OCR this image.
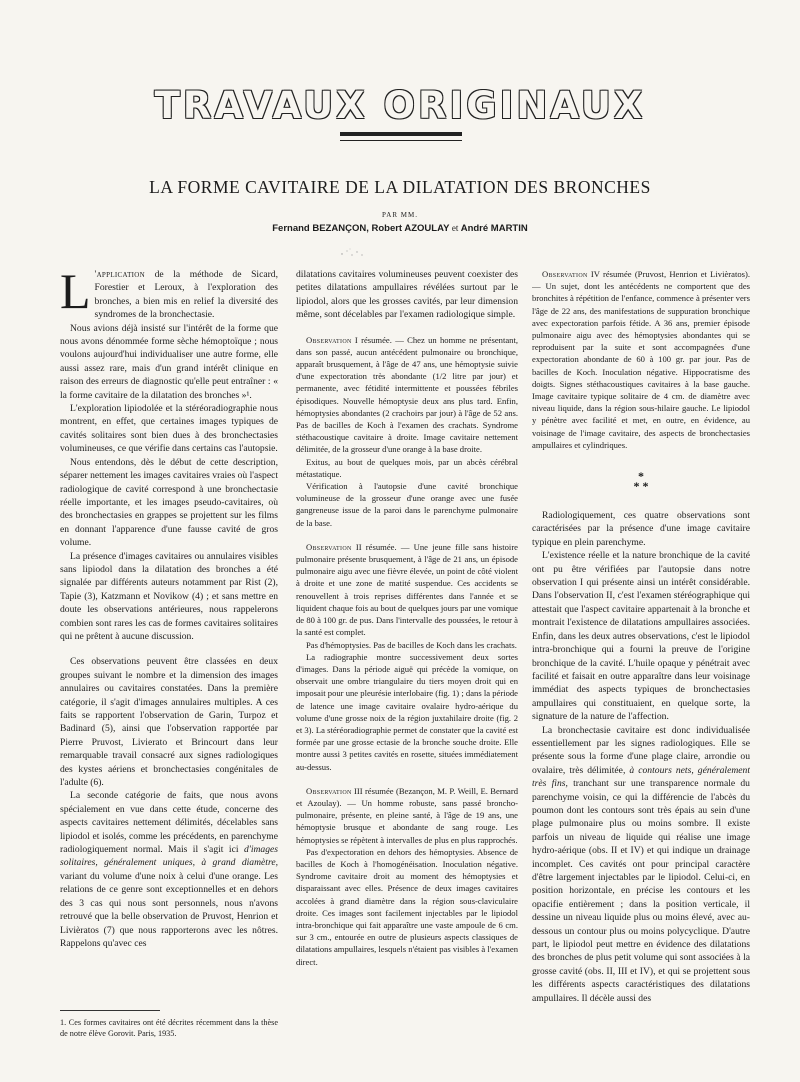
TRAVAUX ORIGINAUX
LA FORME CAVITAIRE DE LA DILATATION DES BRONCHES
PAR MM.
Fernand BEZANÇON, Robert AZOULAY et André MARTIN

L 'application de la méthode de Sicard, Forestier et Leroux, à l'exploration des bronches, a bien mis en relief la diversité des syndromes de la bronchectasie.

Nous avions déjà insisté sur l'intérêt de la forme que nous avons dénommée forme sèche hémoptoïque ; nous voulons aujourd'hui individualiser une autre forme, elle aussi assez rare, mais d'un grand intérêt clinique en raison des erreurs de diagnostic qu'elle peut entraîner : « la forme cavitaire de la dilatation des bronches »¹.

L'exploration lipiodolée et la stéréoradiographie nous montrent, en effet, que certaines images typiques de cavités solitaires sont bien dues à des bronchectasies volumineuses, ce que vérifie dans certains cas l'autopsie.

Nous entendons, dès le début de cette description, séparer nettement les images cavitaires vraies où l'aspect radiologique de cavité correspond à une bronchectasie réelle importante, et les images pseudo-cavitaires, où des bronchectasies en grappes se projettent sur les films en donnant l'apparence d'une fausse cavité de gros volume.

La présence d'images cavitaires ou annulaires visibles sans lipiodol dans la dilatation des bronches a été signalée par différents auteurs notamment par Rist (2), Tapie (3), Katzmann et Novikow (4) ; et sans mettre en doute les observations antérieures, nous rappelerons combien sont rares les cas de formes cavitaires solitaires qui ne prêtent à aucune discussion.

Ces observations peuvent être classées en deux groupes suivant le nombre et la dimension des images annulaires ou cavitaires constatées. Dans la première catégorie, il s'agit d'images annulaires multiples. A ces faits se rapportent l'observation de Garin, Turpoz et Badinard (5), ainsi que l'observation rapportée par Pierre Pruvost, Livierato et Brincourt dans leur remarquable travail consacré aux signes radiologiques des kystes aériens et bronchectasies congénitales de l'adulte (6).

La seconde catégorie de faits, que nous avons spécialement en vue dans cette étude, concerne des aspects cavitaires nettement délimités, décelables sans lipiodol et isolés, comme les précédents, en parenchyme radiologiquement normal. Mais il s'agit ici d'images solitaires, généralement uniques, à grand diamètre, variant du volume d'une noix à celui d'une orange. Les relations de ce genre sont exceptionnelles et en dehors des 3 cas qui nous sont personnels, nous n'avons retrouvé que la belle observation de Pruvost, Henrion et Livièratos (7) que nous rapporterons avec les nôtres. Rappelons qu'avec ces

1. Ces formes cavitaires ont été décrites récemment dans la thèse de notre élève Gorovit. Paris, 1935.

dilatations cavitaires volumineuses peuvent coexister des petites dilatations ampullaires révélées surtout par le lipiodol, alors que les grosses cavités, par leur dimension même, sont décelables par l'examen radiologique simple.

Observation I résumée. — Chez un homme ne présentant, dans son passé, aucun antécédent pulmonaire ou bronchique, apparaît brusquement, à l'âge de 47 ans, une hémoptysie suivie d'une expectoration très abondante (1/2 litre par jour) et permanente, avec fétidité intermittente et poussées fébriles épisodiques. Nouvelle hémoptysie deux ans plus tard. Enfin, hémoptysies abondantes (2 crachoirs par jour) à l'âge de 52 ans. Pas de bacilles de Koch à l'examen des crachats. Syndrome stéthacoustique cavitaire à droite. Image cavitaire nettement délimitée, de la grosseur d'une orange à la base droite.

Exitus, au bout de quelques mois, par un abcès cérébral métastatique.

Vérification à l'autopsie d'une cavité bronchique volumineuse de la grosseur d'une orange avec une fusée gangreneuse issue de la paroi dans le parenchyme pulmonaire de la base.

Observation II résumée. — Une jeune fille sans histoire pulmonaire présente brusquement, à l'âge de 21 ans, un épisode pulmonaire aigu avec une fièvre élevée, un point de côté violent à droite et une zone de matité suspendue. Ces accidents se renouvellent à trois reprises différentes dans l'année et se liquident chaque fois au bout de quelques jours par une vomique de 80 à 100 gr. de pus. Dans l'intervalle des poussées, le retour à la santé est complet.

Pas d'hémoptysies. Pas de bacilles de Koch dans les crachats.

La radiographie montre successivement deux sortes d'images. Dans la période aiguë qui précède la vomique, on observait une ombre triangulaire du tiers moyen droit qui en imposait pour une pleurésie interlobaire (fig. 1) ; dans la période de latence une image cavitaire ovalaire hydro-aérique du volume d'une grosse noix de la région juxtahilaire droite (fig. 2 et 3). La stéréoradiographie permet de constater que la cavité est formée par une grosse ectasie de la bronche souche droite. Elle montre aussi 3 petites cavités en rosette, situées immédiatement au-dessus.

Observation III résumée (Bezançon, M. P. Weill, E. Bernard et Azoulay). — Un homme robuste, sans passé broncho-pulmonaire, présente, en pleine santé, à l'âge de 19 ans, une hémoptysie brusque et abondante de sang rouge. Les hémoptysies se répètent à intervalles de plus en plus rapprochés.

Pas d'expectoration en dehors des hémoptysies. Absence de bacilles de Koch à l'homogénéisation. Inoculation négative. Syndrome cavitaire droit au moment des hémoptysies et disparaissant avec elles. Présence de deux images cavitaires accolées à grand diamètre dans la région sous-claviculaire droite. Ces images sont facilement injectables par le lipiodol intra-bronchique qui fait apparaître une vaste ampoule de 6 cm. sur 3 cm., entourée en outre de plusieurs aspects classiques de dilatations ampullaires, lesquels n'étaient pas visibles à l'examen direct.

Observation IV résumée (Pruvost, Henrion et Livièratos). — Un sujet, dont les antécédents ne comportent que des bronchites à répétition de l'enfance, commence à présenter vers l'âge de 22 ans, des manifestations de suppuration bronchique avec expectoration parfois fétide. A 36 ans, premier épisode pulmonaire aigu avec des hémoptysies abondantes qui se reproduisent par la suite et sont accompagnées d'une expectoration abondante de 60 à 100 gr. par jour. Pas de bacilles de Koch. Inoculation négative. Hippocratisme des doigts. Signes stéthacoustiques cavitaires à la base gauche. Image cavitaire typique solitaire de 4 cm. de diamètre avec niveau liquide, dans la région sous-hilaire gauche. Le lipiodol y pénètre avec facilité et met, en outre, en évidence, au voisinage de l'image cavitaire, des aspects de bronchectasies ampullaires et cylindriques.

*
* *

Radiologiquement, ces quatre observations sont caractérisées par la présence d'une image cavitaire typique en plein parenchyme.

L'existence réelle et la nature bronchique de la cavité ont pu être vérifiées par l'autopsie dans notre observation I qui présente ainsi un intérêt considérable. Dans l'observation II, c'est l'examen stéréographique qui attestait que l'aspect cavitaire appartenait à la bronche et montrait l'existence de dilatations ampullaires associées. Enfin, dans les deux autres observations, c'est le lipiodol intra-bronchique qui a fourni la preuve de l'origine bronchique de la cavité. L'huile opaque y pénétrait avec facilité et faisait en outre apparaître dans leur voisinage immédiat des aspects typiques de bronchectasies ampullaires qui constituaient, en quelque sorte, la signature de la nature de l'affection.

La bronchectasie cavitaire est donc individualisée essentiellement par les signes radiologiques. Elle se présente sous la forme d'une plage claire, arrondie ou ovalaire, très délimitée, à contours nets, généralement très fins, tranchant sur une transparence normale du parenchyme voisin, ce qui la différencie de l'abcès du poumon dont les contours sont très épais au sein d'une plage pulmonaire plus ou moins sombre. Il existe parfois un niveau de liquide qui réalise une image hydro-aérique (obs. II et IV) et qui indique un drainage incomplet. Ces cavités ont pour principal caractère d'être largement injectables par le lipiodol. Celui-ci, en position horizontale, en précise les contours et les opacifie entièrement ; dans la position verticale, il dessine un niveau liquide plus ou moins élevé, avec au-dessous un contour plus ou moins polycyclique. D'autre part, le lipiodol peut mettre en évidence des dilatations des bronches de plus petit volume qui sont associées à la grosse cavité (obs. II, III et IV), et qui se projettent sous les différents aspects caractéristiques des dilatations ampullaires. Il décèle aussi des
